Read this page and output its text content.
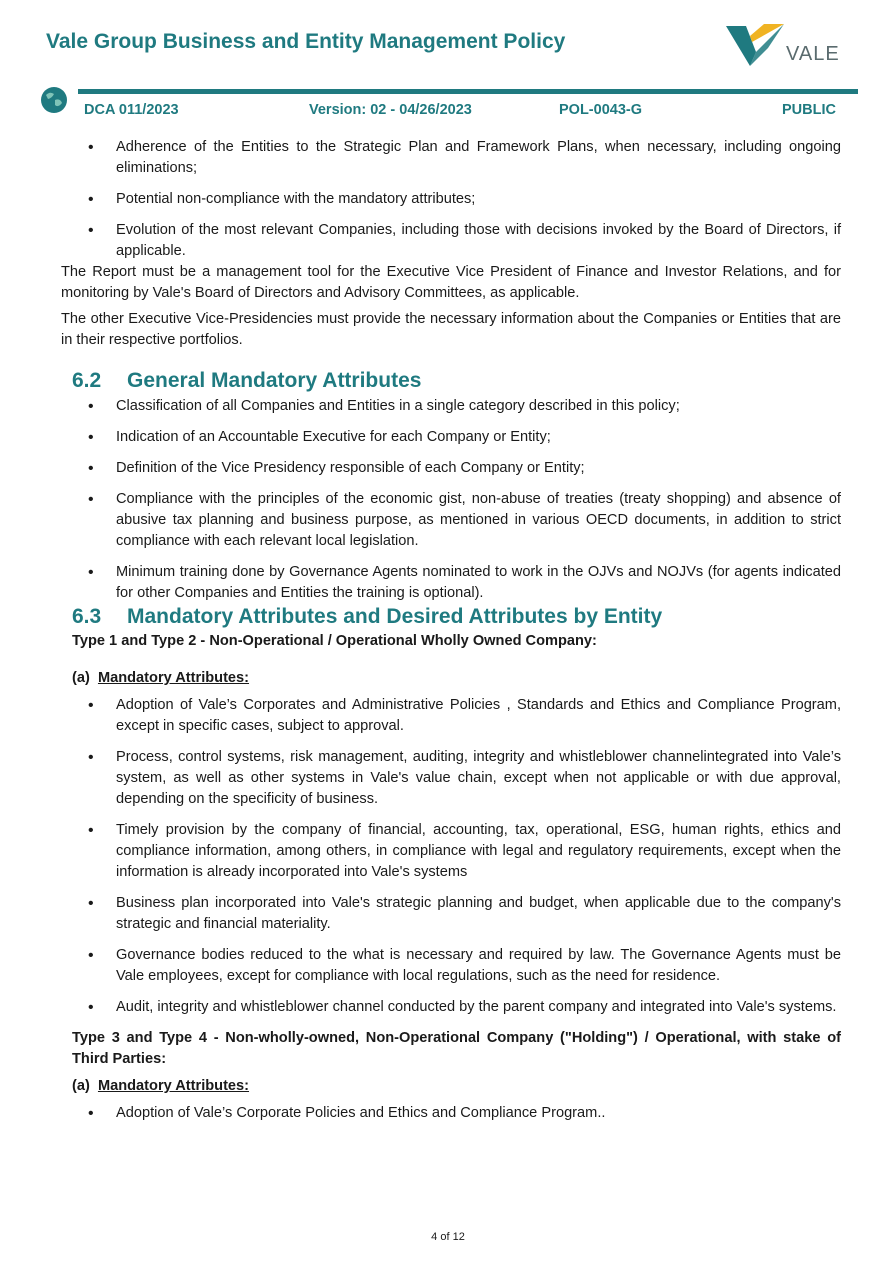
Vale Group Business and Entity Management Policy
VALE
DCA 011/2023	Version: 02 - 04/26/2023	POL-0043-G	PUBLIC
• Adherence of the Entities to the Strategic Plan and Framework Plans, when necessary, including ongoing eliminations;
• Potential non-compliance with the mandatory attributes;
• Evolution of the most relevant Companies, including those with decisions invoked by the Board of Directors, if applicable.

The Report must be a management tool for the Executive Vice President of Finance and Investor Relations, and for monitoring by Vale's Board of Directors and Advisory Committees, as applicable.

The other Executive Vice-Presidencies must provide the necessary information about the Companies or Entities that are in their respective portfolios.

6.2 General Mandatory Attributes
• Classification of all Companies and Entities in a single category described in this policy;
• Indication of an Accountable Executive for each Company or Entity;
• Definition of the Vice Presidency responsible of each Company or Entity;
• Compliance with the principles of the economic gist, non-abuse of treaties (treaty shopping) and absence of abusive tax planning and business purpose, as mentioned in various OECD documents, in addition to strict compliance with each relevant local legislation.
• Minimum training done by Governance Agents nominated to work in the OJVs and NOJVs (for agents indicated for other Companies and Entities the training is optional).
6.3 Mandatory Attributes and Desired Attributes by Entity
Type 1 and Type 2 - Non-Operational / Operational Wholly Owned Company:
(a) Mandatory Attributes:
• Adoption of Vale’s Corporates and Administrative Policies , Standards and Ethics and Compliance Program, except in specific cases, subject to approval.
• Process, control systems, risk management, auditing, integrity and whistleblower channelintegrated into Vale’s system, as well as other systems in Vale's value chain, except when not applicable or with due approval, depending on the specificity of business.
• Timely provision by the company of financial, accounting, tax, operational, ESG, human rights, ethics and compliance information, among others, in compliance with legal and regulatory requirements, except when the information is already incorporated into Vale's systems
• Business plan incorporated into Vale's strategic planning and budget, when applicable due to the company's strategic and financial materiality.
• Governance bodies reduced to the what is necessary and required by law. The Governance Agents must be Vale employees, except for compliance with local regulations, such as the need for residence.
• Audit, integrity and whistleblower channel conducted by the parent company and integrated into Vale's systems.
Type 3 and Type 4 - Non-wholly-owned, Non-Operational Company ("Holding") / Operational, with stake of Third Parties:
(a) Mandatory Attributes:
• Adoption of Vale’s Corporate Policies and Ethics and Compliance Program..
4 of 12
